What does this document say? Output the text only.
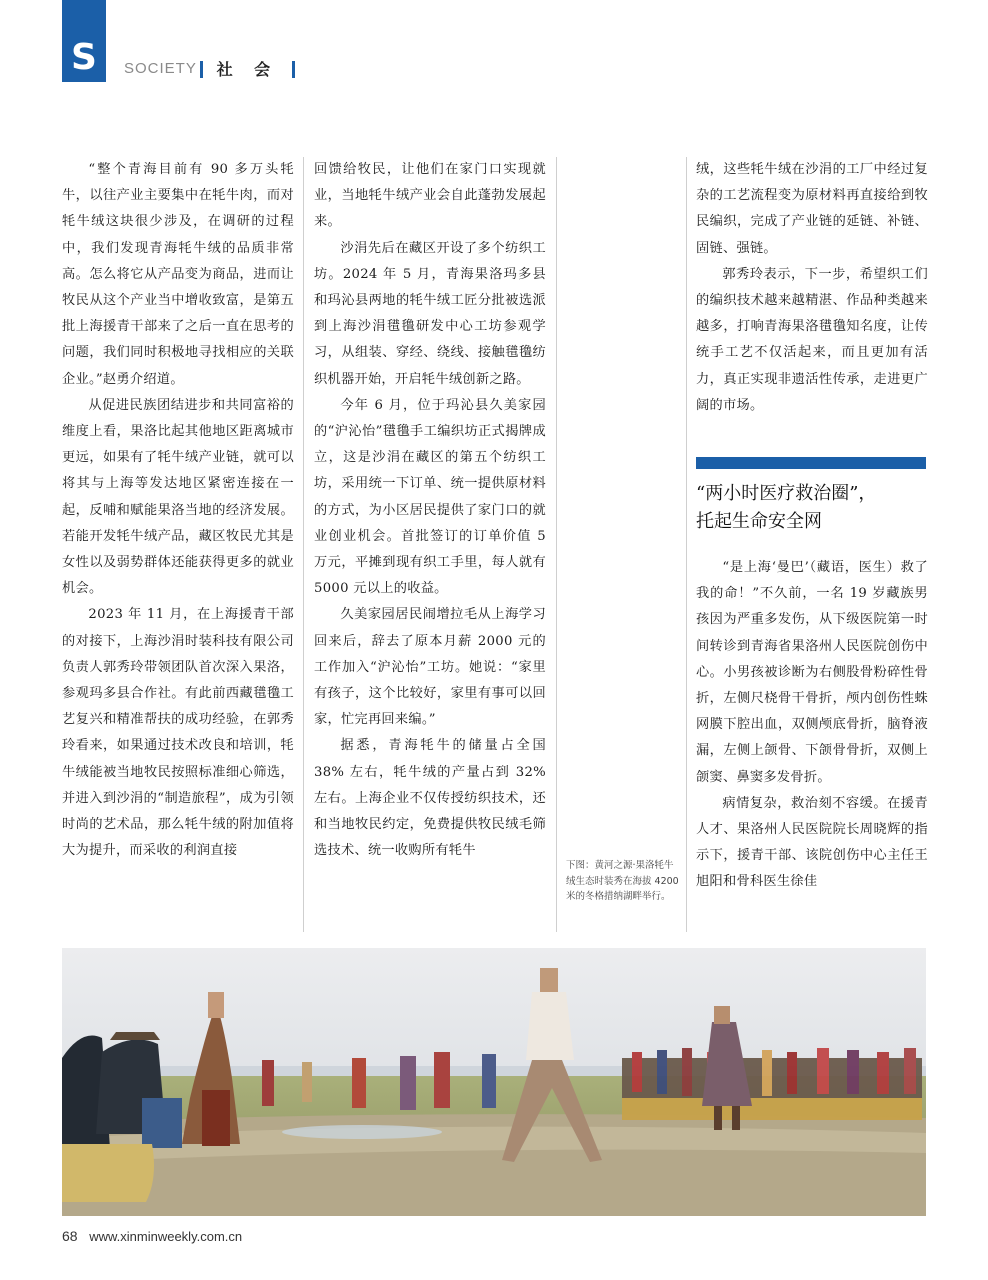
S SOCIETY	社 会

“整个青海目前有 90 多万头牦牛，以往产业主要集中在牦牛肉，而对牦牛绒这块很少涉及，在调研的过程中，我们发现青海牦牛绒的品质非常高。怎么将它从产品变为商品，进而让牧民从这个产业当中增收致富，是第五批上海援青干部来了之后一直在思考的问题，我们同时积极地寻找相应的关联企业。”赵勇介绍道。

从促进民族团结进步和共同富裕的维度上看，果洛比起其他地区距离城市更远，如果有了牦牛绒产业链，就可以将其与上海等发达地区紧密连接在一起，反哺和赋能果洛当地的经济发展。若能开发牦牛绒产品，藏区牧民尤其是女性以及弱势群体还能获得更多的就业机会。

2023 年 11 月，在上海援青干部的对接下，上海沙涓时装科技有限公司负责人郭秀玲带领团队首次深入果洛，参观玛多县合作社。有此前西藏氆氇工艺复兴和精准帮扶的成功经验，在郭秀玲看来，如果通过技术改良和培训，牦牛绒能被当地牧民按照标准细心筛选，并进入到沙涓的“制造旅程”，成为引领时尚的艺术品，那么牦牛绒的附加值将大为提升，而采收的利润直接

回馈给牧民，让他们在家门口实现就业，当地牦牛绒产业会自此蓬勃发展起来。

沙涓先后在藏区开设了多个纺织工坊。2024 年 5 月，青海果洛玛多县和玛沁县两地的牦牛绒工匠分批被选派到上海沙涓氆氇研发中心工坊参观学习，从组装、穿经、绕线、接触氆氇纺织机器开始，开启牦牛绒创新之路。

今年 6 月，位于玛沁县久美家园的“沪沁怡”氆氇手工编织坊正式揭牌成立，这是沙涓在藏区的第五个纺织工坊，采用统一下订单、统一提供原材料的方式，为小区居民提供了家门口的就业创业机会。首批签订的订单价值 5 万元，平摊到现有织工手里，每人就有 5000 元以上的收益。

久美家园居民闹增拉毛从上海学习回来后，辞去了原本月薪 2000 元的工作加入“沪沁怡”工坊。她说：“家里有孩子，这个比较好，家里有事可以回家，忙完再回来编。”

据悉，青海牦牛的储量占全国 38% 左右，牦牛绒的产量占到 32% 左右。上海企业不仅传授纺织技术，还和当地牧民约定，免费提供牧民绒毛筛选技术、统一收购所有牦牛

下图：黄河之源·果洛牦牛绒生态时装秀在海拔 4200 米的冬格措纳湖畔举行。

绒，这些牦牛绒在沙涓的工厂中经过复杂的工艺流程变为原材料再直接给到牧民编织，完成了产业链的延链、补链、固链、强链。

郭秀玲表示，下一步，希望织工们的编织技术越来越精湛、作品种类越来越多，打响青海果洛氆氇知名度，让传统手工艺不仅活起来，而且更加有活力，真正实现非遗活性传承，走进更广阔的市场。

“两小时医疗救治圈”，
托起生命安全网

“是上海‘曼巴’（藏语，医生）救了我的命！”不久前，一名 19 岁藏族男孩因为严重多发伤，从下级医院第一时间转诊到青海省果洛州人民医院创伤中心。小男孩被诊断为右侧股骨粉碎性骨折，左侧尺桡骨干骨折，颅内创伤性蛛网膜下腔出血，双侧颅底骨折，脑脊液漏，左侧上颌骨、下颌骨骨折，双侧上颌窦、鼻窦多发骨折。

病情复杂，救治刻不容缓。在援青人才、果洛州人民医院院长周晓辉的指示下，援青干部、该院创伤中心主任王旭阳和骨科医生徐佳

68 www.xinminweekly.com.cn
